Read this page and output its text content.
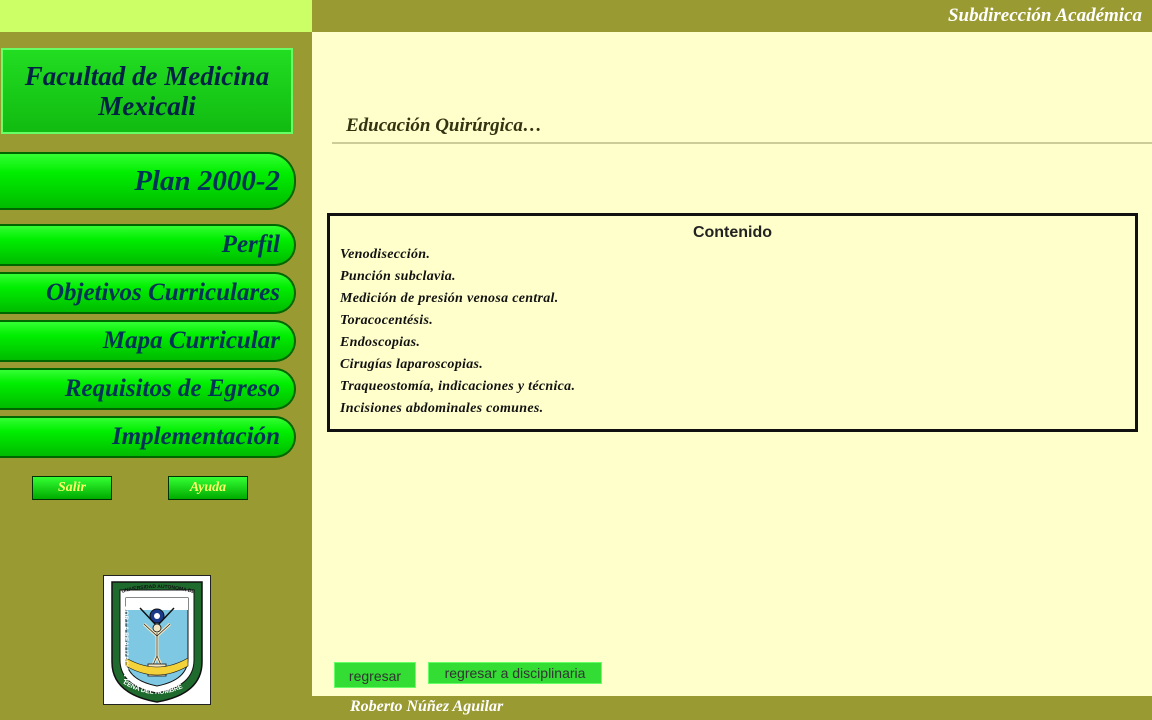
Subdirección Académica
Roberto Núñez Aguilar
Facultad de Medicina
Mexicali
Plan 2000-2
Perfil
Objetivos Curriculares
Mapa Curricular
Requisitos de Egreso
Implementación
Salir	Ayuda
UNIVERSIDAD AUTONOMA DE
POR LA REALIZACION PLENA DEL HOMBRE
Educación Quirúrgica…
Contenido
Venodisección.
Punción subclavia.
Medición de presión venosa central.
Toracocentésis.
Endoscopias.
Cirugías laparoscopias.
Traqueostomía, indicaciones y técnica.
Incisiones abdominales comunes.
regresar	regresar a disciplinaria
